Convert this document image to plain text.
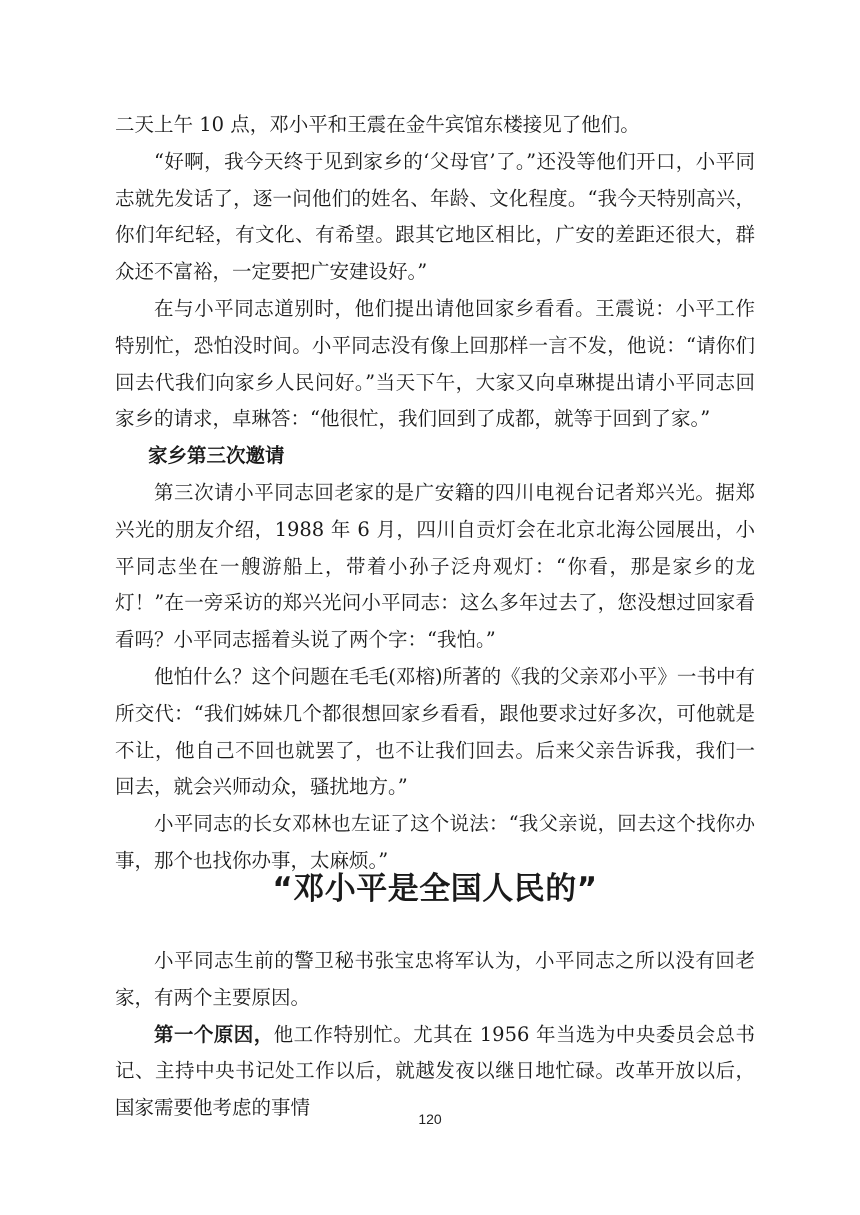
二天上午 10 点，邓小平和王震在金牛宾馆东楼接见了他们。

“好啊，我今天终于见到家乡的‘父母官’了。”还没等他们开口，小平同志就先发话了，逐一问他们的姓名、年龄、文化程度。“我今天特别高兴，你们年纪轻，有文化、有希望。跟其它地区相比，广安的差距还很大，群众还不富裕，一定要把广安建设好。”

在与小平同志道别时，他们提出请他回家乡看看。王震说：小平工作特别忙，恐怕没时间。小平同志没有像上回那样一言不发，他说：“请你们回去代我们向家乡人民问好。”当天下午，大家又向卓琳提出请小平同志回家乡的请求，卓琳答：“他很忙，我们回到了成都，就等于回到了家。”

家乡第三次邀请

第三次请小平同志回老家的是广安籍的四川电视台记者郑兴光。据郑兴光的朋友介绍，1988 年 6 月，四川自贡灯会在北京北海公园展出，小平同志坐在一艘游船上，带着小孙子泛舟观灯：“你看，那是家乡的龙灯！”在一旁采访的郑兴光问小平同志：这么多年过去了，您没想过回家看看吗？小平同志摇着头说了两个字：“我怕。”

他怕什么？这个问题在毛毛(邓榕)所著的《我的父亲邓小平》一书中有所交代：“我们姊妹几个都很想回家乡看看，跟他要求过好多次，可他就是不让，他自己不回也就罢了，也不让我们回去。后来父亲告诉我，我们一回去，就会兴师动众，骚扰地方。”

小平同志的长女邓林也左证了这个说法：“我父亲说，回去这个找你办事，那个也找你办事，太麻烦。”

“邓小平是全国人民的”

小平同志生前的警卫秘书张宝忠将军认为，小平同志之所以没有回老家，有两个主要原因。

第一个原因，他工作特别忙。尤其在 1956 年当选为中央委员会总书记、主持中央书记处工作以后，就越发夜以继日地忙碌。改革开放以后，国家需要他考虑的事情	120
